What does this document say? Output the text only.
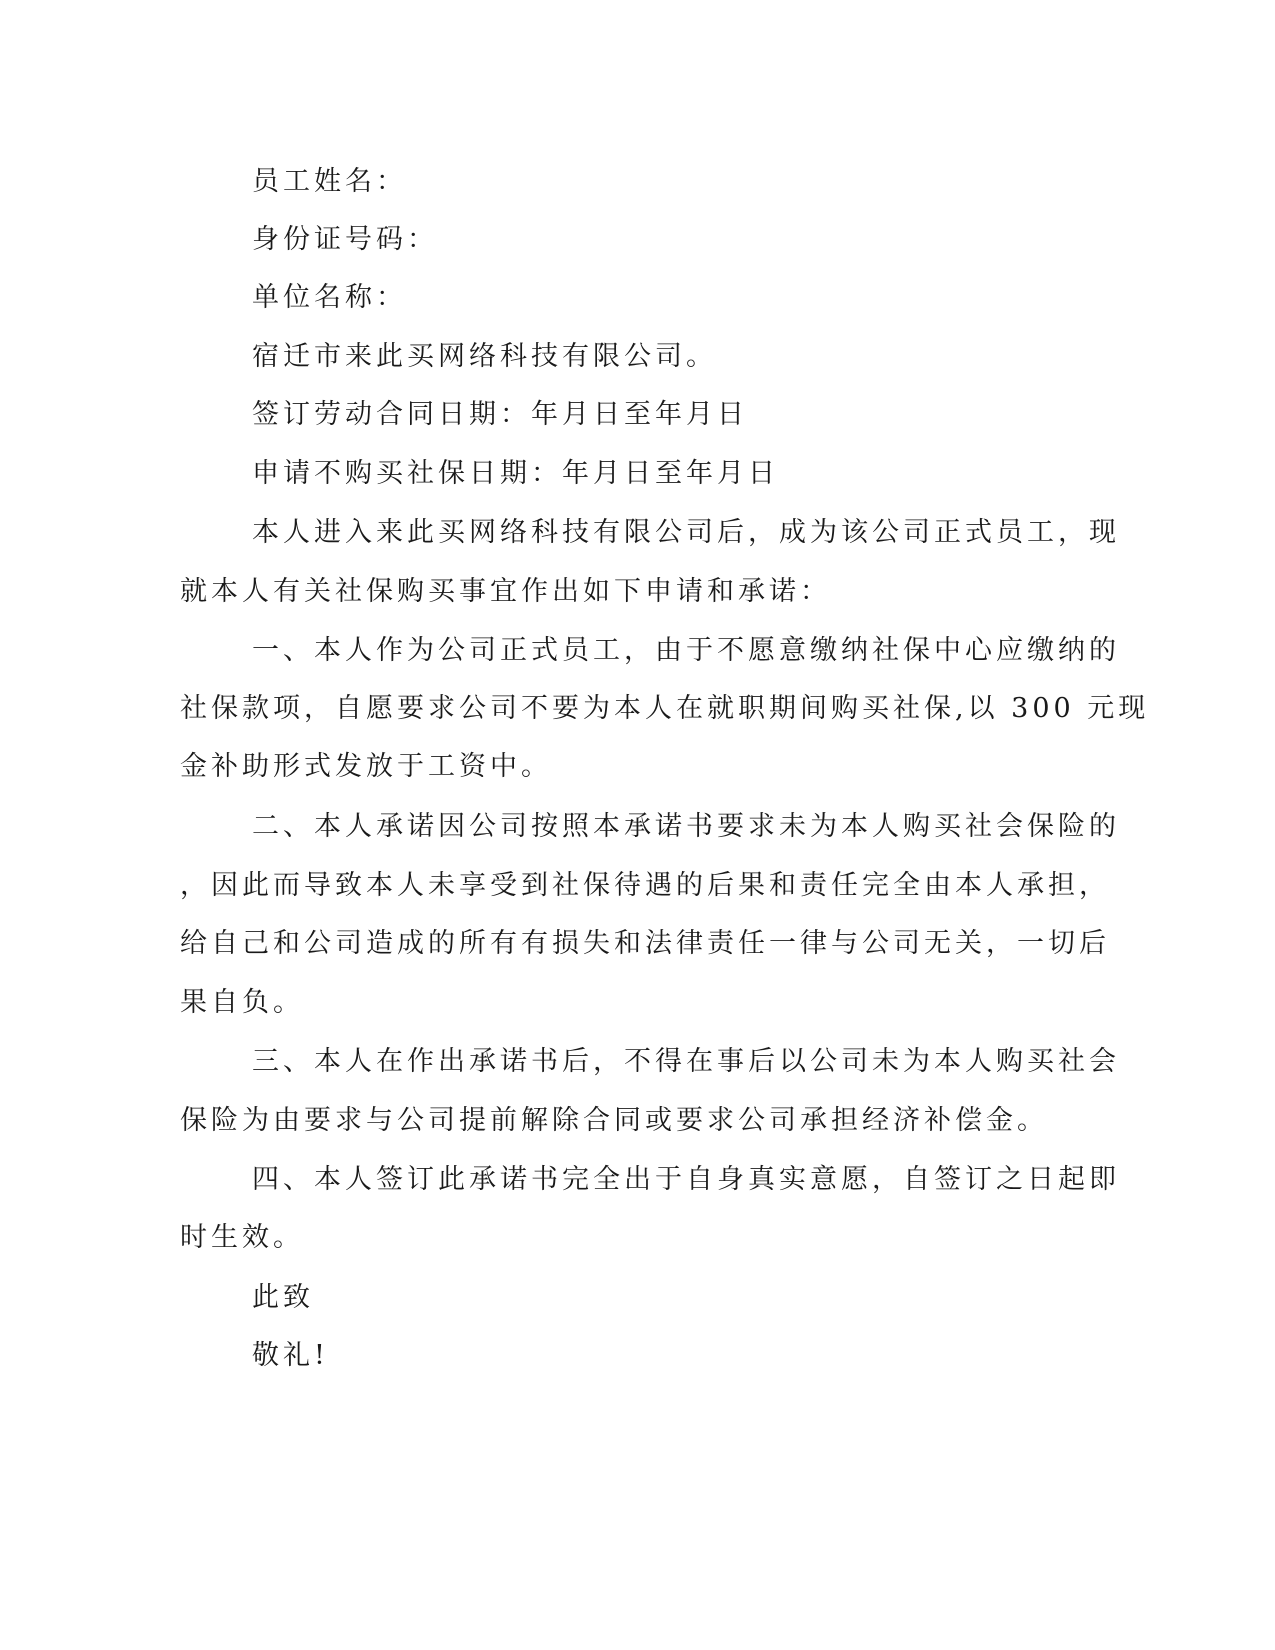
员工姓名：
身份证号码：
单位名称：
宿迁市来此买网络科技有限公司。
签订劳动合同日期：年月日至年月日
申请不购买社保日期：年月日至年月日
本人进入来此买网络科技有限公司后，成为该公司正式员工，现
就本人有关社保购买事宜作出如下申请和承诺：
一、本人作为公司正式员工，由于不愿意缴纳社保中心应缴纳的
社保款项，自愿要求公司不要为本人在就职期间购买社保,以 300 元现
金补助形式发放于工资中。
二、本人承诺因公司按照本承诺书要求未为本人购买社会保险的
，因此而导致本人未享受到社保待遇的后果和责任完全由本人承担，
给自己和公司造成的所有有损失和法律责任一律与公司无关，一切后
果自负。
三、本人在作出承诺书后，不得在事后以公司未为本人购买社会
保险为由要求与公司提前解除合同或要求公司承担经济补偿金。
四、本人签订此承诺书完全出于自身真实意愿，自签订之日起即
时生效。
此致
敬礼!
